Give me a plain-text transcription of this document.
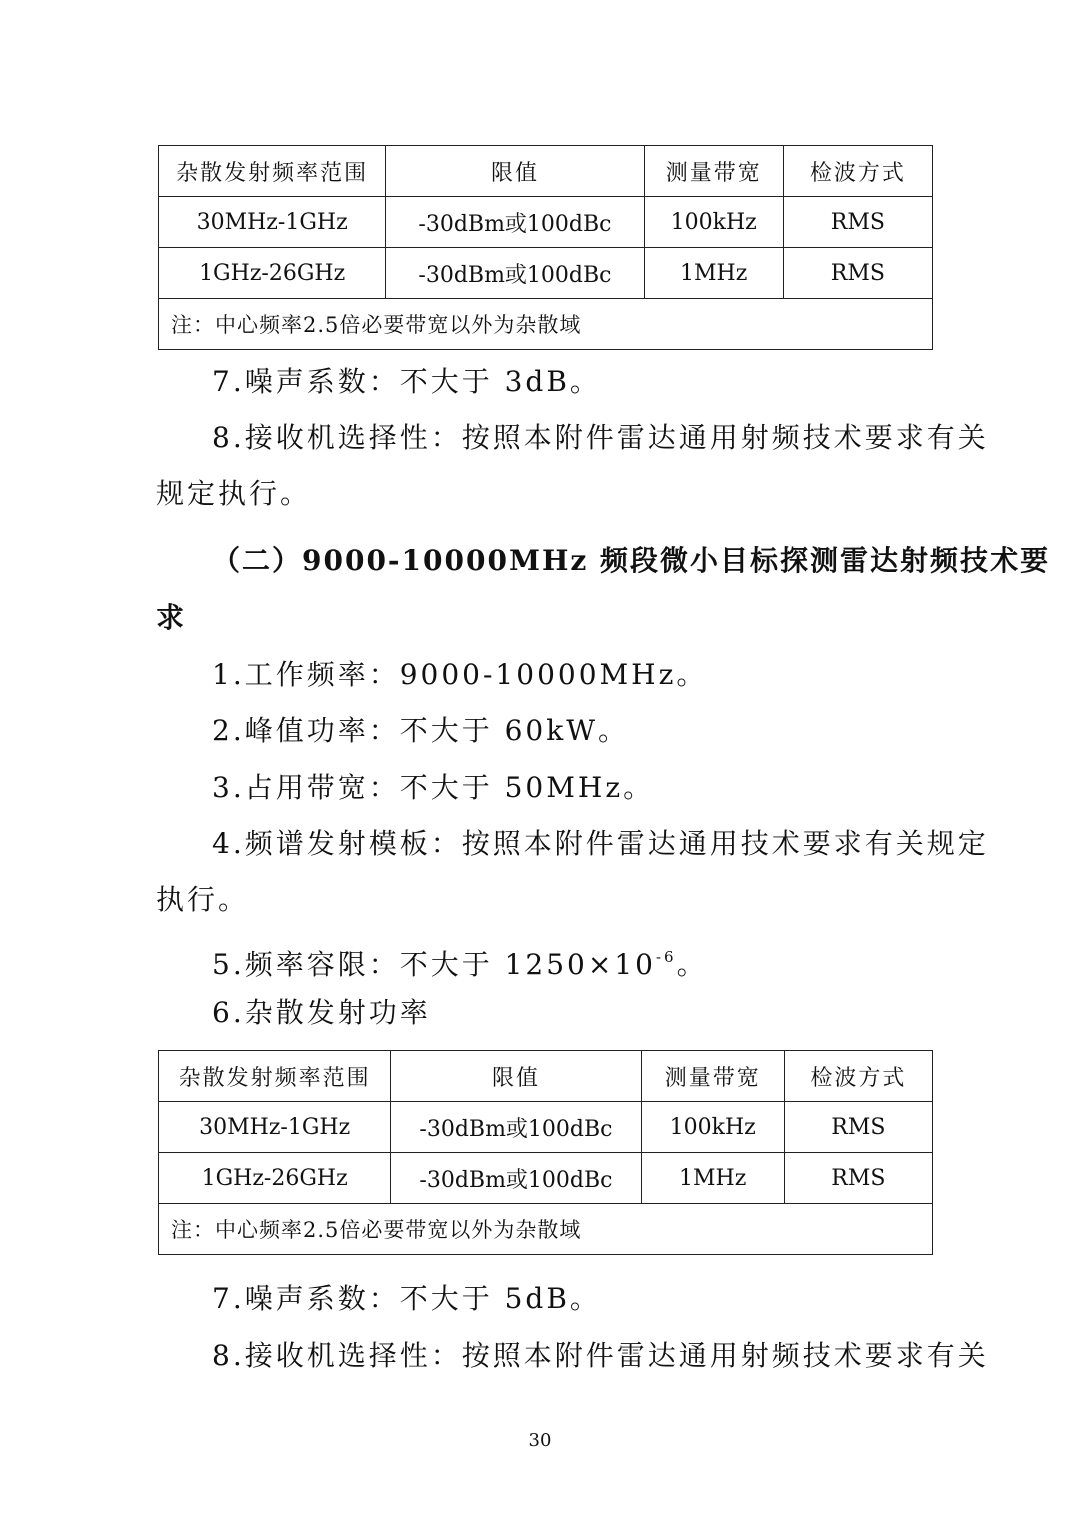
杂散发射频率范围	限值	测量带宽	检波方式
30MHz-1GHz	-30dBm或100dBc	100kHz	RMS
1GHz-26GHz	-30dBm或100dBc	1MHz	RMS
注：中心频率2.5倍必要带宽以外为杂散域			
7.噪声系数：不大于 3dB。
8.接收机选择性：按照本附件雷达通用射频技术要求有关
规定执行。
（二）9000-10000MHz 频段微小目标探测雷达射频技术要
求
1.工作频率：9000-10000MHz。
2.峰值功率：不大于 60kW。
3.占用带宽：不大于 50MHz。
4.频谱发射模板：按照本附件雷达通用技术要求有关规定
执行。
5.频率容限：不大于 $1250\times 10^{-6}$。
6.杂散发射功率
杂散发射频率范围	限值	测量带宽	检波方式
30MHz-1GHz	-30dBm或100dBc	100kHz	RMS
1GHz-26GHz	-30dBm或100dBc	1MHz	RMS
注：中心频率2.5倍必要带宽以外为杂散域			
7.噪声系数：不大于 5dB。
8.接收机选择性：按照本附件雷达通用射频技术要求有关
30
